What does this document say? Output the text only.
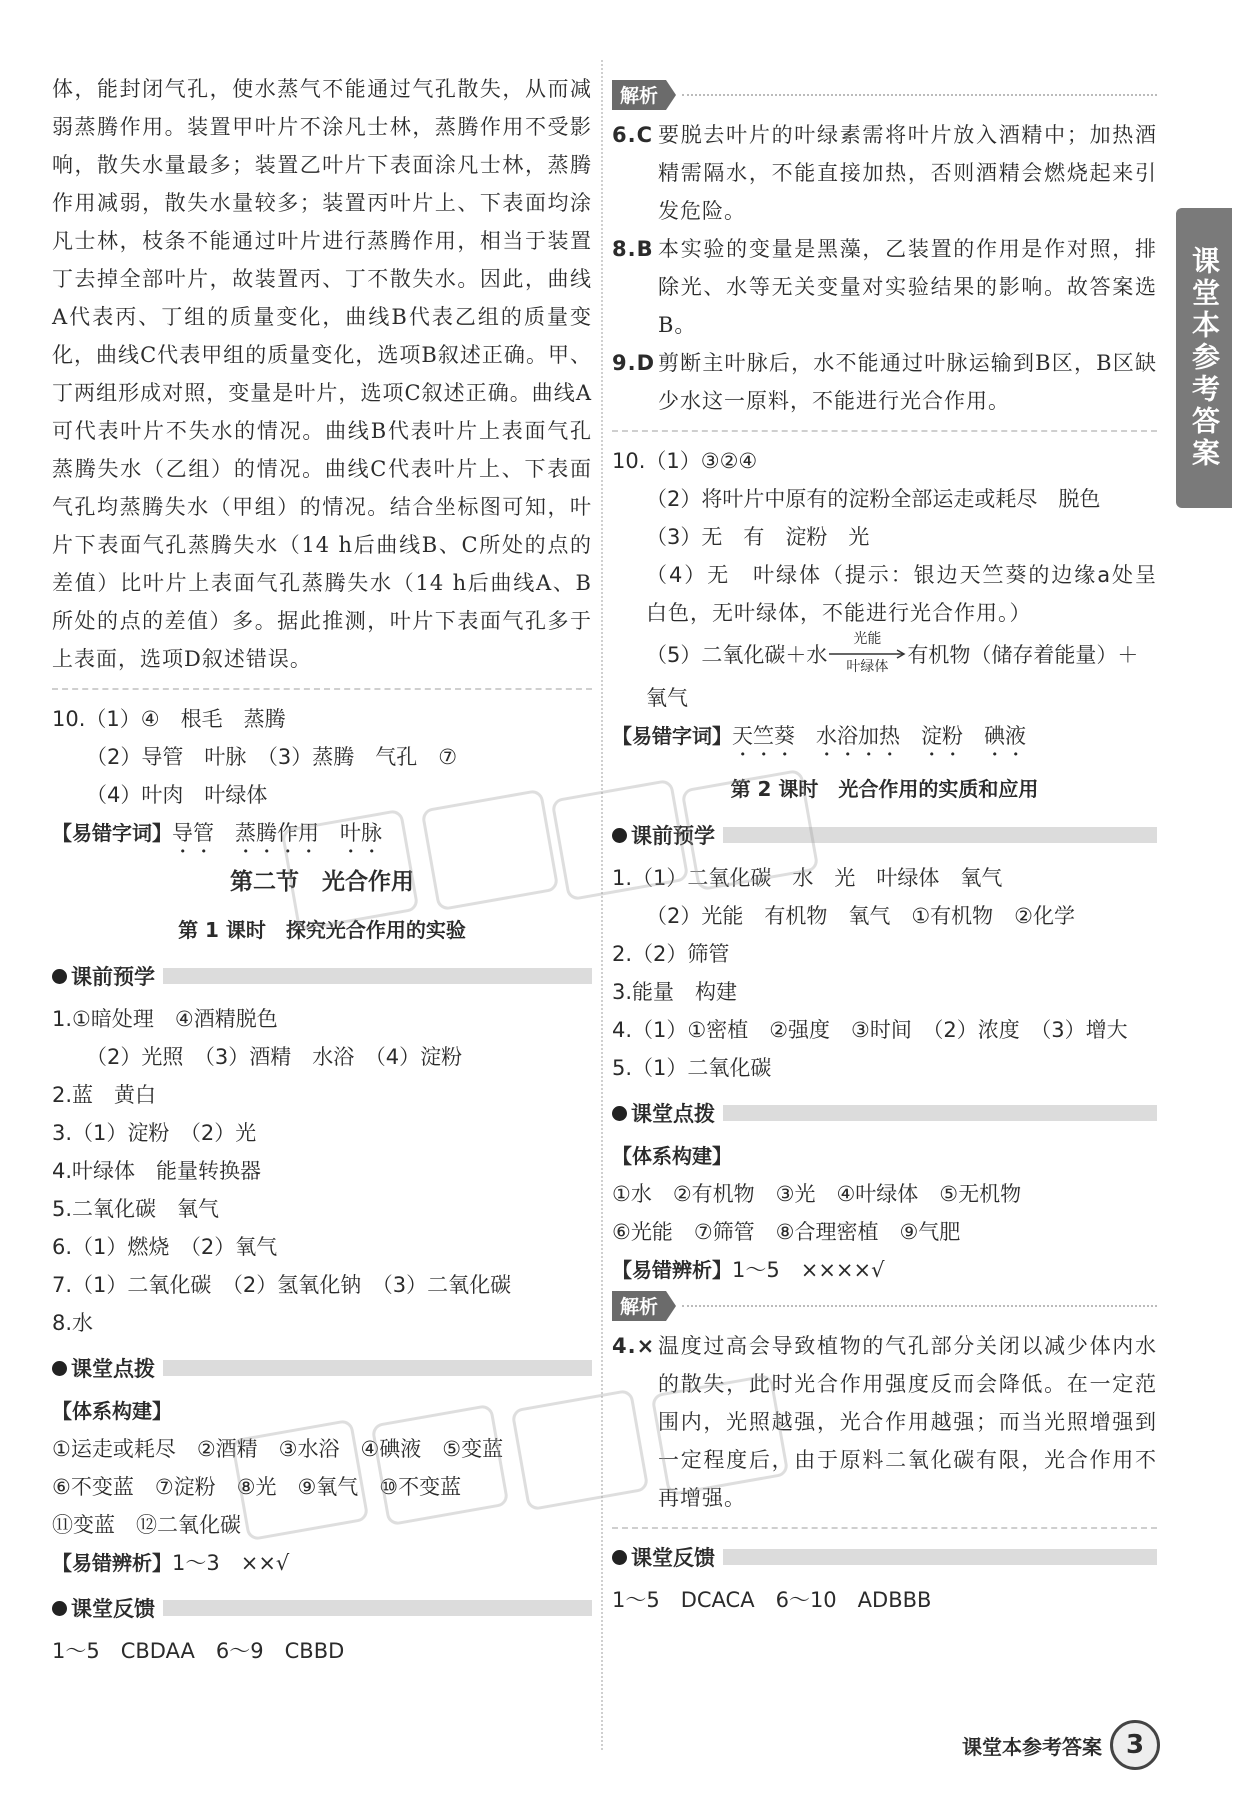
体，能封闭气孔，使水蒸气不能通过气孔散失，从而减弱蒸腾作用。装置甲叶片不涂凡士林，蒸腾作用不受影响，散失水量最多；装置乙叶片下表面涂凡士林，蒸腾作用减弱，散失水量较多；装置丙叶片上、下表面均涂凡士林，枝条不能通过叶片进行蒸腾作用，相当于装置丁去掉全部叶片，故装置丙、丁不散失水。因此，曲线A代表丙、丁组的质量变化，曲线B代表乙组的质量变化，曲线C代表甲组的质量变化，选项B叙述正确。甲、丁两组形成对照，变量是叶片，选项C叙述正确。曲线A可代表叶片不失水的情况。曲线B代表叶片上表面气孔蒸腾失水（乙组）的情况。曲线C代表叶片上、下表面气孔均蒸腾失水（甲组）的情况。结合坐标图可知，叶片下表面气孔蒸腾失水（14 h后曲线B、C所处的点的差值）比叶片上表面气孔蒸腾失水（14 h后曲线A、B所处的点的差值）多。据此推测，叶片下表面气孔多于上表面，选项D叙述错误。

10.（1）④　根毛　蒸腾

（2）导管　叶脉　（3）蒸腾　气孔　⑦

（4）叶肉　叶绿体

【易错字词】导管　 蒸腾作用　 叶脉

第二节　光合作用
第 1 课时　探究光合作用的实验
课前预学

1.①暗处理　④酒精脱色

（2）光照　（3）酒精　水浴　（4）淀粉

2.蓝　黄白

3.（1）淀粉　（2）光

4.叶绿体　能量转换器

5.二氧化碳　氧气

6.（1）燃烧　（2）氧气

7.（1）二氧化碳　（2）氢氧化钠　（3）二氧化碳

8.水

课堂点拨

【体系构建】

①运走或耗尽　②酒精　③水浴　④碘液　⑤变蓝

⑥不变蓝　⑦淀粉　⑧光　⑨氧气　⑩不变蓝

⑪变蓝　⑫二氧化碳

【易错辨析】1～3　××√

课堂反馈

1～5　CBDAA　6～9　CBBD

解析
6.C 要脱去叶片的叶绿素需将叶片放入酒精中；加热酒精需隔水，不能直接加热，否则酒精会燃烧起来引发危险。
8.B 本实验的变量是黑藻，乙装置的作用是作对照，排除光、水等无关变量对实验结果的影响。故答案选B。
9.D 剪断主叶脉后，水不能通过叶脉运输到B区，B区缺少水这一原料，不能进行光合作用。

10.（1）③②④

（2）将叶片中原有的淀粉全部运走或耗尽　脱色

（3）无　有　淀粉　光

（4）无　叶绿体（提示：银边天竺葵的边缘a处呈白色，无叶绿体，不能进行光合作用。）

（5）二氧化碳＋水
光能
叶绿体 有机物（储存着能量）＋

氧气

【易错字词】天竺葵　 水浴加热　 淀粉　 碘液

第 2 课时　光合作用的实质和应用
课前预学

1.（1）二氧化碳　水　光　叶绿体　氧气

（2）光能　有机物　氧气　①有机物　②化学

2.（2）筛管

3.能量　构建

4.（1）①密植　②强度　③时间　（2）浓度　（3）增大

5.（1）二氧化碳

课堂点拨

【体系构建】

①水　②有机物　③光　④叶绿体　⑤无机物

⑥光能　⑦筛管　⑧合理密植　⑨气肥

【易错辨析】1～5　××××√

解析
4.× 温度过高会导致植物的气孔部分关闭以减少体内水的散失，此时光合作用强度反而会降低。在一定范围内，光照越强，光合作用越强；而当光照增强到一定程度后，由于原料二氧化碳有限，光合作用不再增强。
课堂反馈

1～5　DCACA　6～10　ADBBB

课堂本参考答案
课堂本参考答案 3
